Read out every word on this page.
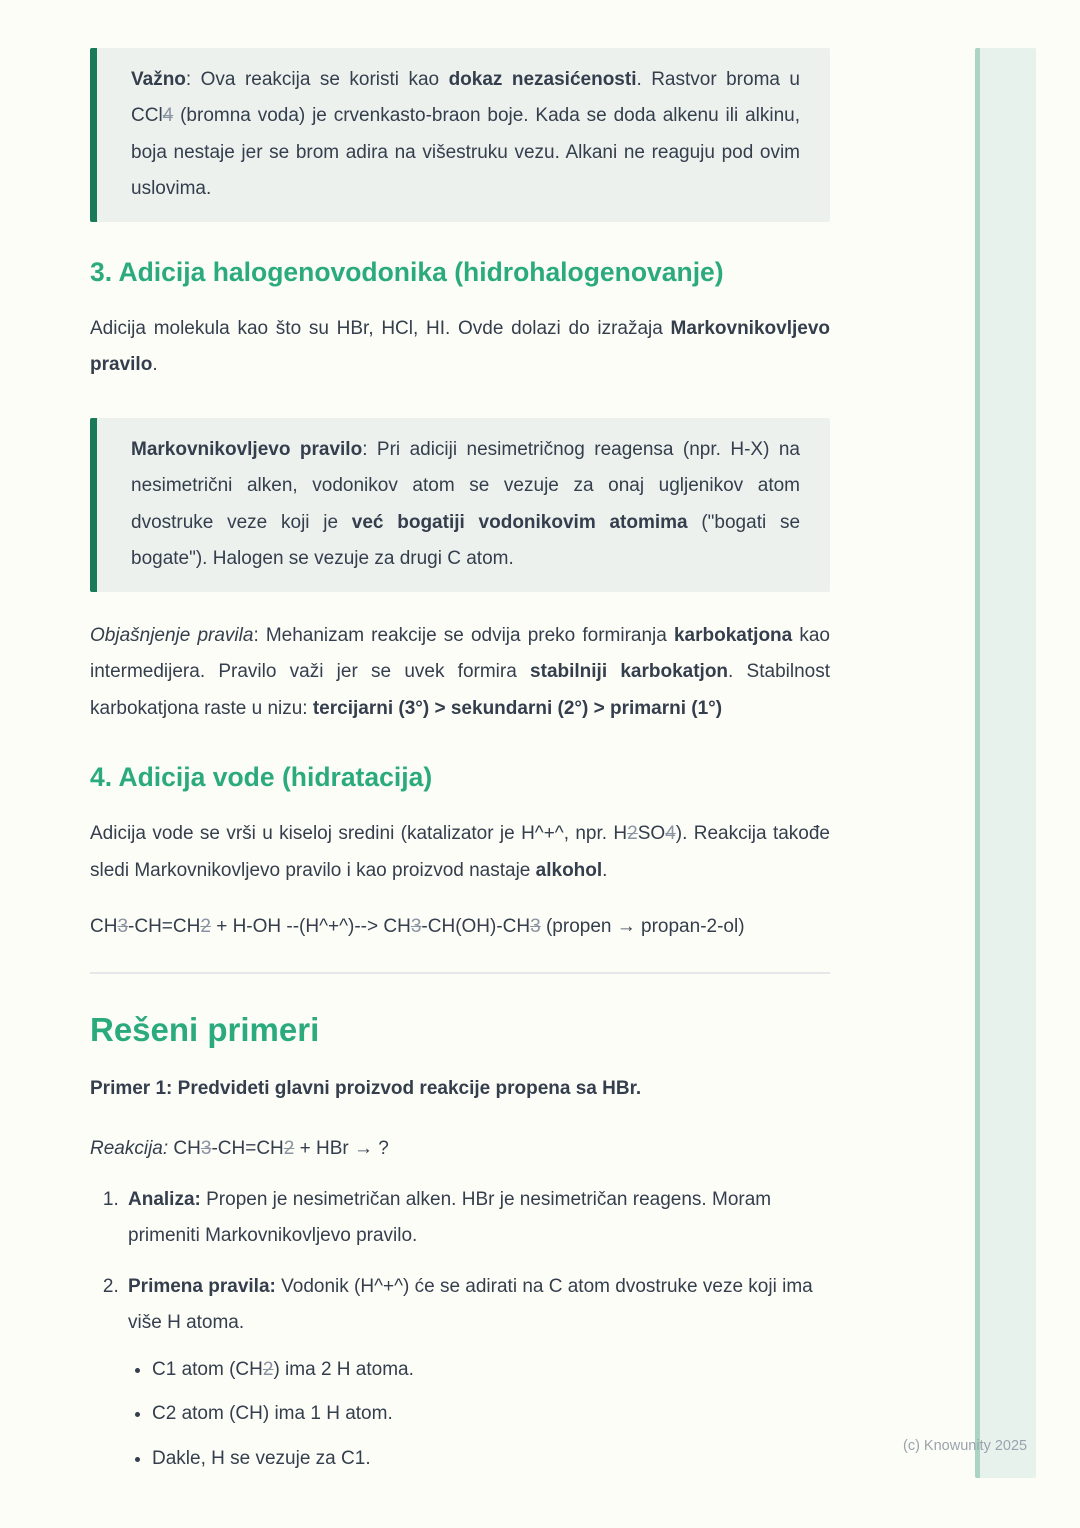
Važno: Ova reakcija se koristi kao dokaz nezasićenosti. Rastvor broma u CCl4 (bromna voda) je crvenkasto-braon boje. Kada se doda alkenu ili alkinu, boja nestaje jer se brom adira na višestruku vezu. Alkani ne reaguju pod ovim uslovima.

3. Adicija halogenovodonika (hidrohalogenovanje)

Adicija molekula kao što su HBr, HCl, HI. Ovde dolazi do izražaja Markovnikovljevo pravilo.

Markovnikovljevo pravilo: Pri adiciji nesimetričnog reagensa (npr. H-X) na nesimetrični alken, vodonikov atom se vezuje za onaj ugljenikov atom dvostruke veze koji je već bogatiji vodonikovim atomima ("bogati se bogate"). Halogen se vezuje za drugi C atom.

Objašnjenje pravila: Mehanizam reakcije se odvija preko formiranja karbokatjona kao intermedijera. Pravilo važi jer se uvek formira stabilniji karbokatjon. Stabilnost karbokatjona raste u nizu: tercijarni (3°) > sekundarni (2°) > primarni (1°)

4. Adicija vode (hidratacija)

Adicija vode se vrši u kiseloj sredini (katalizator je H^+^, npr. H2SO4). Reakcija takođe sledi Markovnikovljevo pravilo i kao proizvod nastaje alkohol.

CH3-CH=CH2 + H-OH --(H^+^)--> CH3-CH(OH)-CH3 (propen → propan-2-ol)

Rešeni primeri

Primer 1: Predvideti glavni proizvod reakcije propena sa HBr.

Reakcija: CH3-CH=CH2 + HBr → ?

1. Analiza: Propen je nesimetričan alken. HBr je nesimetričan reagens. Moram primeniti Markovnikovljevo pravilo.
2. Primena pravila: Vodonik (H^+^) će se adirati na C atom dvostruke veze koji ima više H atoma.
• C1 atom (CH2) ima 2 H atoma.
• C2 atom (CH) ima 1 H atom.
• Dakle, H se vezuje za C1.
(c) Knowunity 2025
